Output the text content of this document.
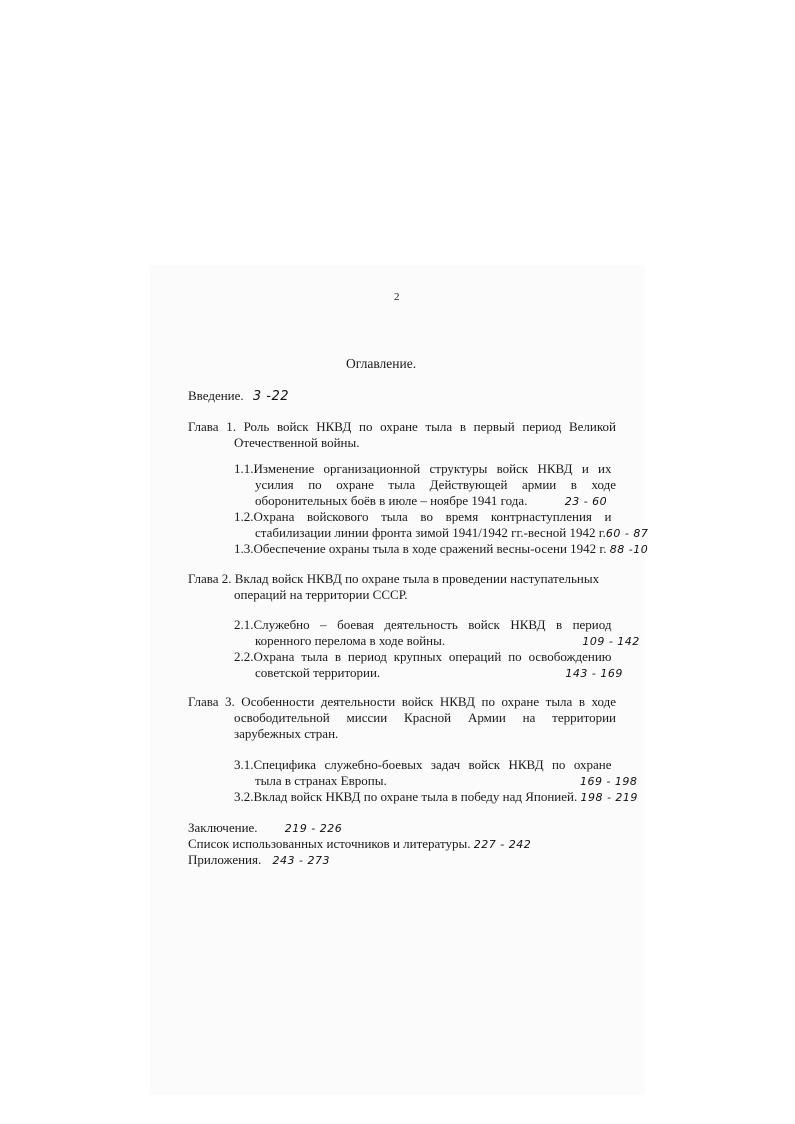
2
Оглавление.
Введение. 3 -22
Глава 1. Роль войск НКВД по охране тыла в первый период Великой
Отечественной войны.
1.1.Изменение организационной структуры войск НКВД и их
усилия по охране тыла Действующей армии в ходе
оборонительных боёв в июле – ноябре 1941 года.	23 - 60
1.2.Охрана войскового тыла во время контрнаступления и
стабилизации линии фронта зимой 1941/1942 гг.-весной 1942 г.60 - 87
1.3.Обеспечение охраны тыла в ходе сражений весны-осени 1942 г. 88 -10
Глава 2. Вклад войск НКВД по охране тыла в проведении наступательных
операций на территории СССР.
2.1.Служебно – боевая деятельность войск НКВД в период
коренного перелома в ходе войны.	109 - 142
2.2.Охрана тыла в период крупных операций по освобождению
советской территории.	143 - 169
Глава 3. Особенности деятельности войск НКВД по охране тыла в ходе
освободительной миссии Красной Армии на территории
зарубежных стран.
3.1.Специфика служебно-боевых задач войск НКВД по охране
тыла в странах Европы.	169 - 198
3.2.Вклад войск НКВД по охране тыла в победу над Японией. 198 - 219
Заключение. 219 - 226
Список использованных источников и литературы. 227 - 242
Приложения. 243 - 273
